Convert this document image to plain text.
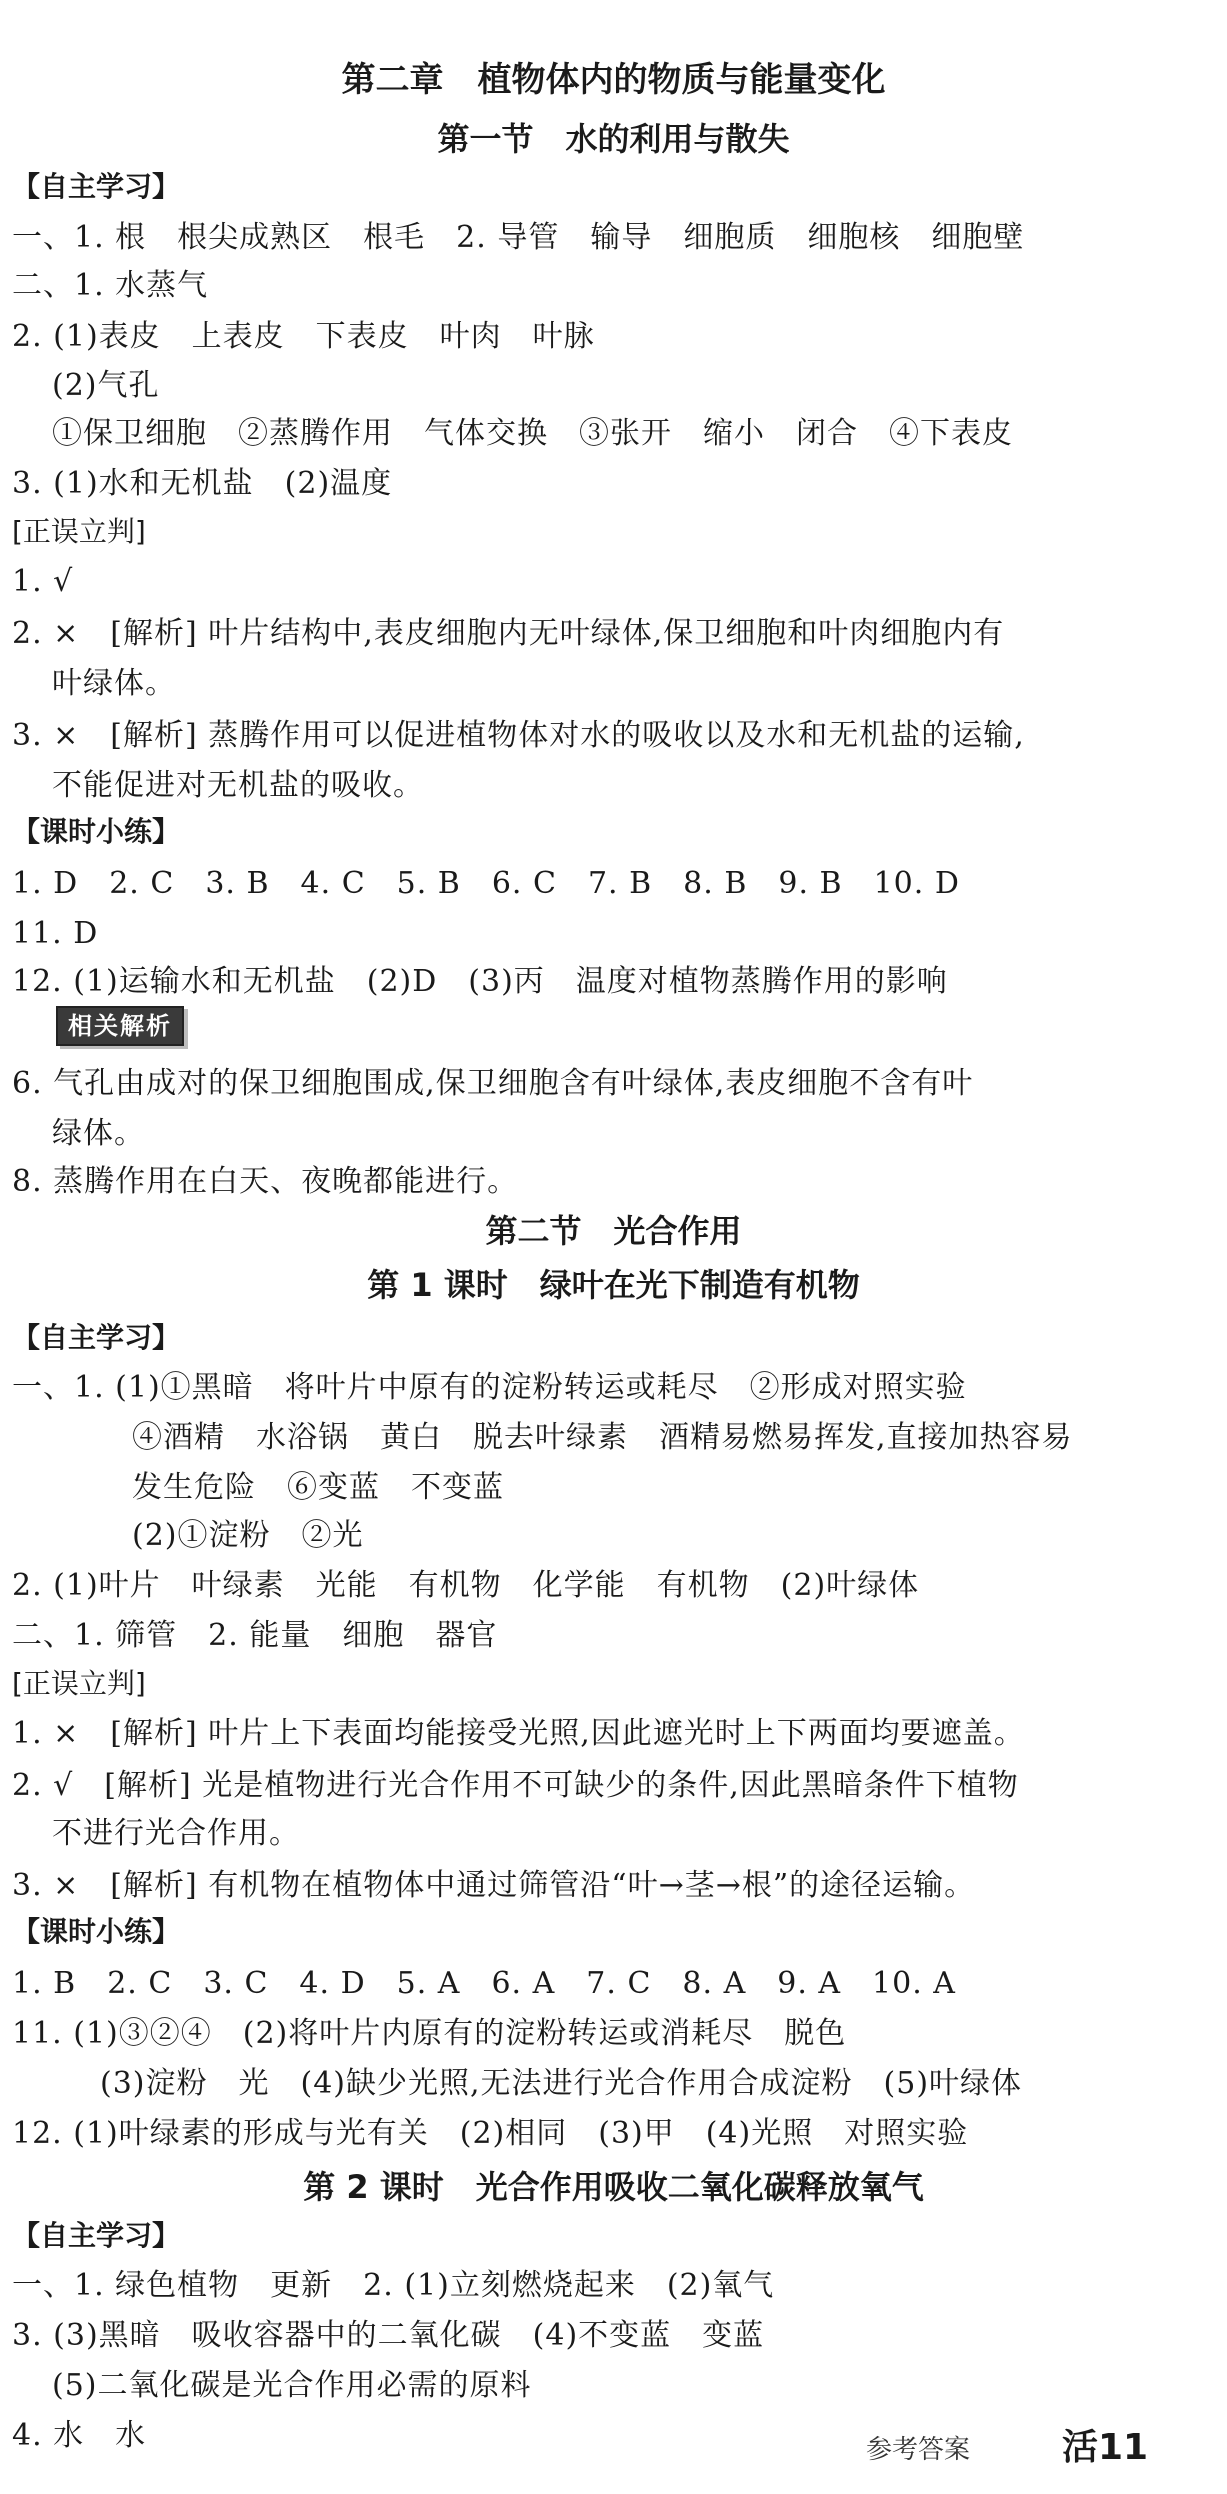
第二章　植物体内的物质与能量变化
第一节　水的利用与散失
【自主学习】
一、1. 根　根尖成熟区　根毛　2. 导管　输导　细胞质　细胞核　细胞壁
二、1. 水蒸气
2. (1)表皮　上表皮　下表皮　叶肉　叶脉
(2)气孔
①保卫细胞　②蒸腾作用　气体交换　③张开　缩小　闭合　④下表皮
3. (1)水和无机盐　(2)温度
[正误立判]
1. √
2. ×　[解析] 叶片结构中,表皮细胞内无叶绿体,保卫细胞和叶肉细胞内有
叶绿体。
3. ×　[解析] 蒸腾作用可以促进植物体对水的吸收以及水和无机盐的运输,
不能促进对无机盐的吸收。
【课时小练】
1. D　2. C　3. B　4. C　5. B　6. C　7. B　8. B　9. B　10. D
11. D
12. (1)运输水和无机盐　(2)D　(3)丙　温度对植物蒸腾作用的影响
相关解析
6. 气孔由成对的保卫细胞围成,保卫细胞含有叶绿体,表皮细胞不含有叶
绿体。
8. 蒸腾作用在白天、夜晚都能进行。
第二节　光合作用
第 1 课时　绿叶在光下制造有机物
【自主学习】
一、1. (1)①黑暗　将叶片中原有的淀粉转运或耗尽　②形成对照实验
④酒精　水浴锅　黄白　脱去叶绿素　酒精易燃易挥发,直接加热容易
发生危险　⑥变蓝　不变蓝
(2)①淀粉　②光
2. (1)叶片　叶绿素　光能　有机物　化学能　有机物　(2)叶绿体
二、1. 筛管　2. 能量　细胞　器官
[正误立判]
1. ×　[解析] 叶片上下表面均能接受光照,因此遮光时上下两面均要遮盖。
2. √　[解析] 光是植物进行光合作用不可缺少的条件,因此黑暗条件下植物
不进行光合作用。
3. ×　[解析] 有机物在植物体中通过筛管沿“叶→茎→根”的途径运输。
【课时小练】
1. B　2. C　3. C　4. D　5. A　6. A　7. C　8. A　9. A　10. A
11. (1)③②④　(2)将叶片内原有的淀粉转运或消耗尽　脱色
(3)淀粉　光　(4)缺少光照,无法进行光合作用合成淀粉　(5)叶绿体
12. (1)叶绿素的形成与光有关　(2)相同　(3)甲　(4)光照　对照实验
第 2 课时　光合作用吸收二氧化碳释放氧气
【自主学习】
一、1. 绿色植物　更新　2. (1)立刻燃烧起来　(2)氧气
3. (3)黑暗　吸收容器中的二氧化碳　(4)不变蓝　变蓝
(5)二氧化碳是光合作用必需的原料
4. 水　水	参考答案	活11
